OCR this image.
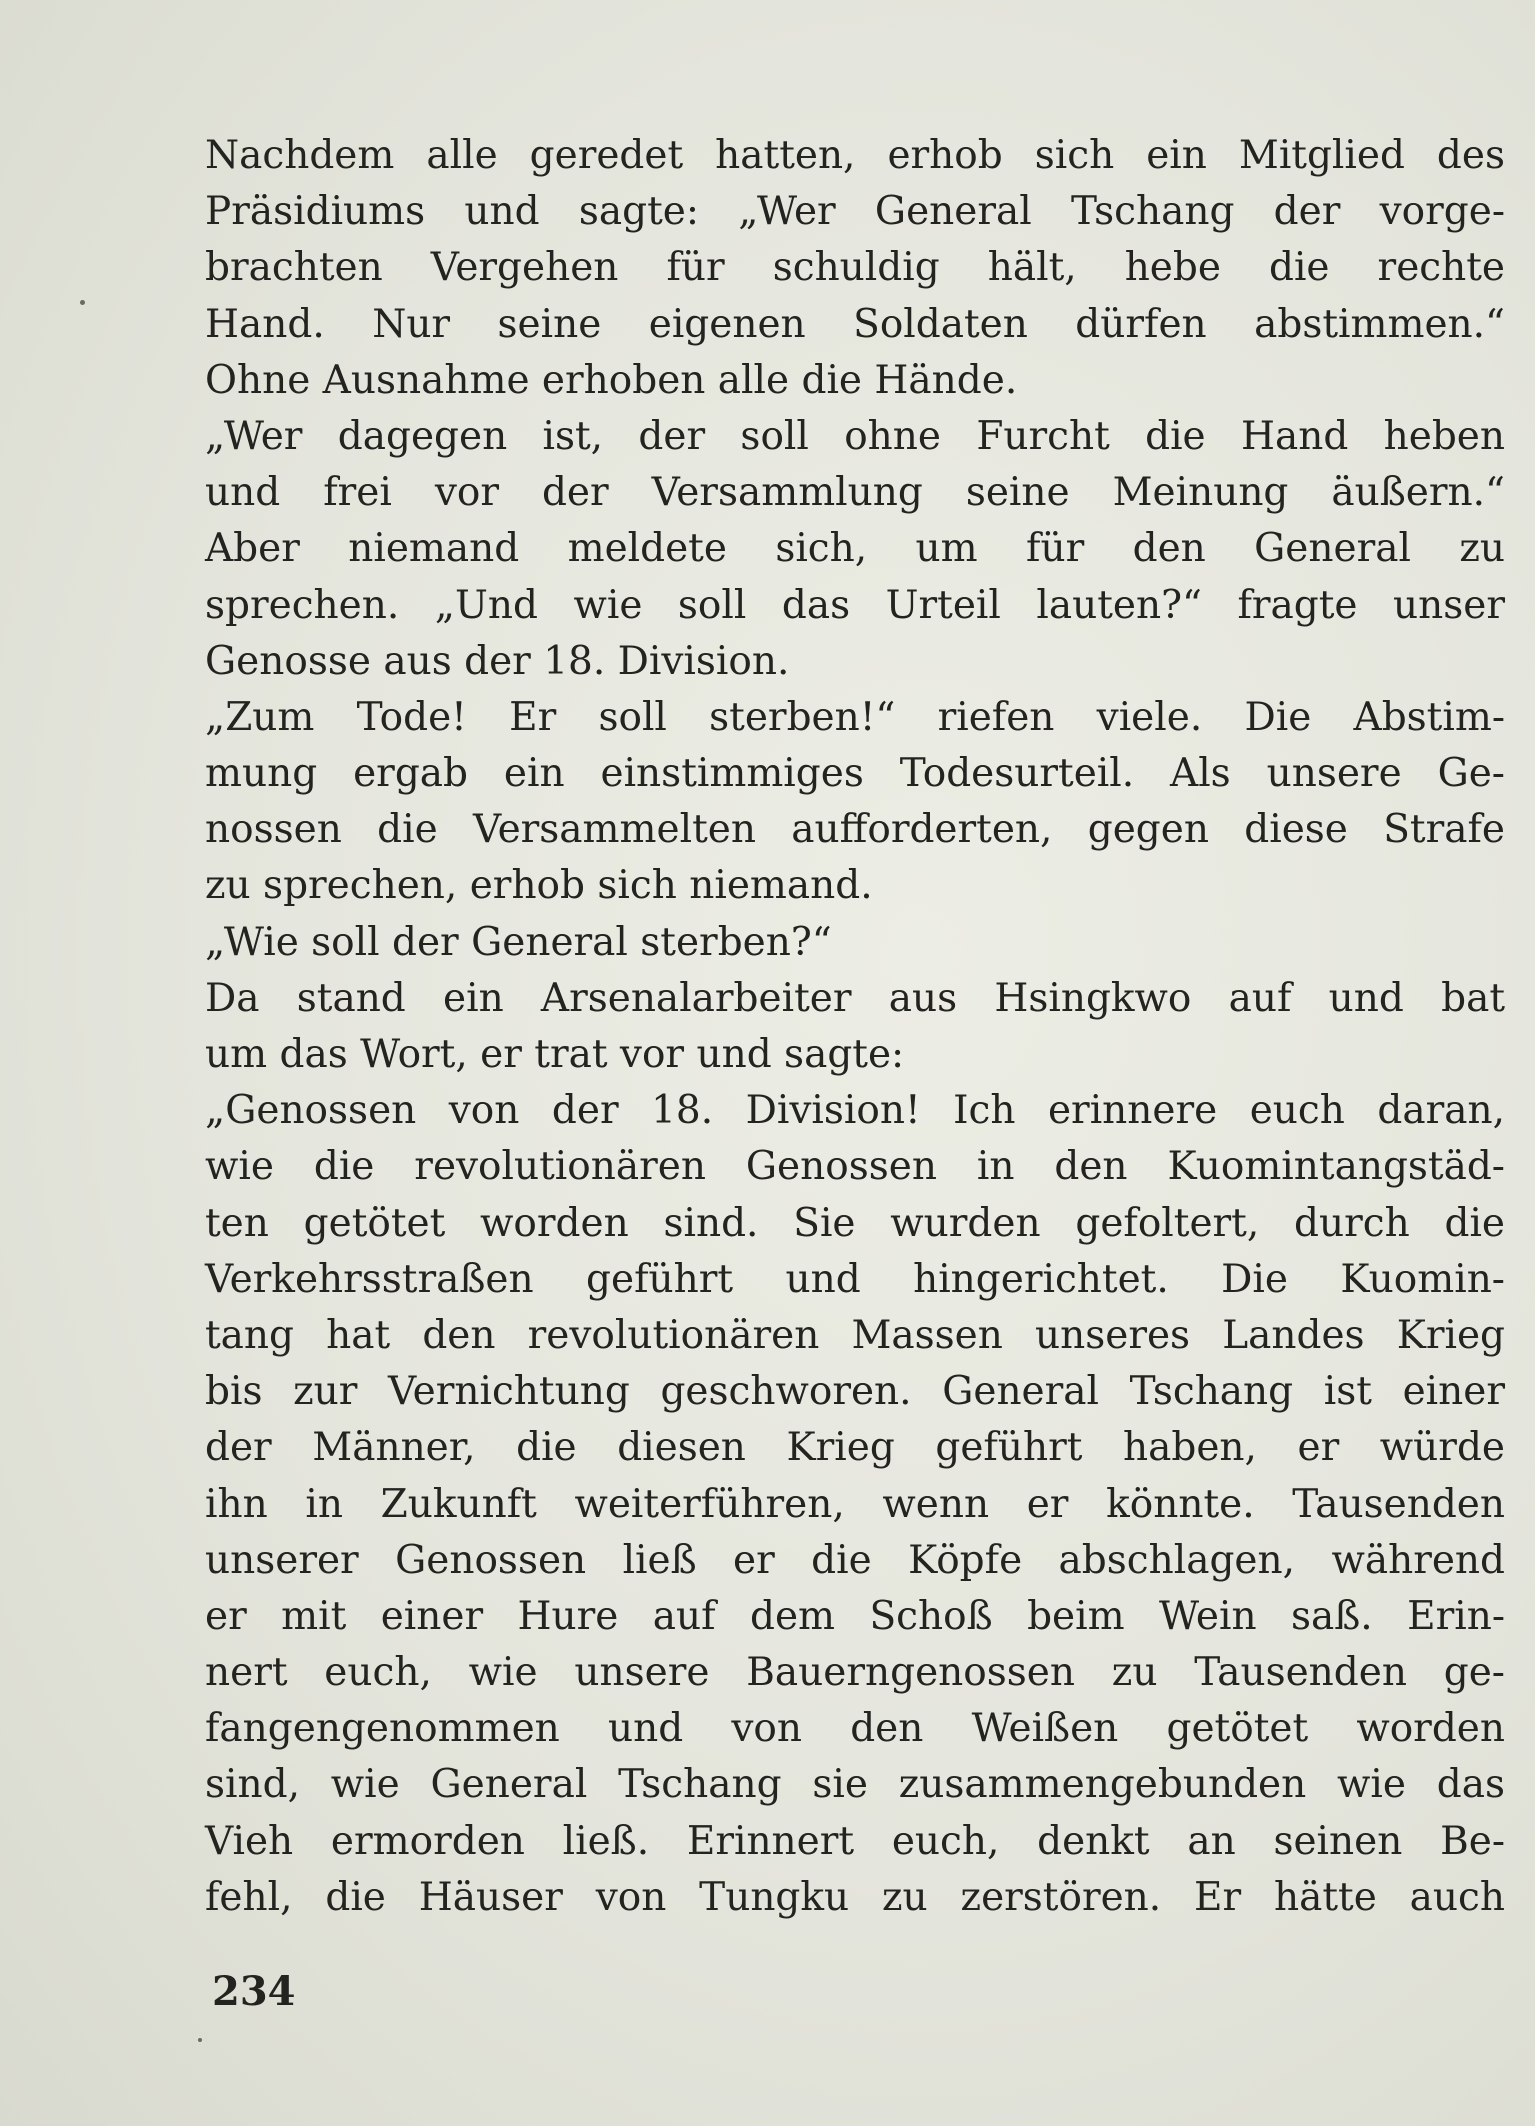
Nachdem alle geredet hatten, erhob sich ein Mitglied des
Präsidiums und sagte: „Wer General Tschang der vorge-
brachten Vergehen für schuldig hält, hebe die rechte
Hand. Nur seine eigenen Soldaten dürfen abstimmen.“
Ohne Ausnahme erhoben alle die Hände.
„Wer dagegen ist, der soll ohne Furcht die Hand heben
und frei vor der Versammlung seine Meinung äußern.“
Aber niemand meldete sich, um für den General zu
sprechen. „Und wie soll das Urteil lauten?“ fragte unser
Genosse aus der 18. Division.
„Zum Tode! Er soll sterben!“ riefen viele. Die Abstim-
mung ergab ein einstimmiges Todesurteil. Als unsere Ge-
nossen die Versammelten aufforderten, gegen diese Strafe
zu sprechen, erhob sich niemand.
„Wie soll der General sterben?“
Da stand ein Arsenalarbeiter aus Hsingkwo auf und bat
um das Wort, er trat vor und sagte:
„Genossen von der 18. Division! Ich erinnere euch daran,
wie die revolutionären Genossen in den Kuomintangstäd-
ten getötet worden sind. Sie wurden gefoltert, durch die
Verkehrsstraßen geführt und hingerichtet. Die Kuomin-
tang hat den revolutionären Massen unseres Landes Krieg
bis zur Vernichtung geschworen. General Tschang ist einer
der Männer, die diesen Krieg geführt haben, er würde
ihn in Zukunft weiterführen, wenn er könnte. Tausenden
unserer Genossen ließ er die Köpfe abschlagen, während
er mit einer Hure auf dem Schoß beim Wein saß. Erin-
nert euch, wie unsere Bauerngenossen zu Tausenden ge-
fangengenommen und von den Weißen getötet worden
sind, wie General Tschang sie zusammengebunden wie das
Vieh ermorden ließ. Erinnert euch, denkt an seinen Be-
fehl, die Häuser von Tungku zu zerstören. Er hätte auch
234
